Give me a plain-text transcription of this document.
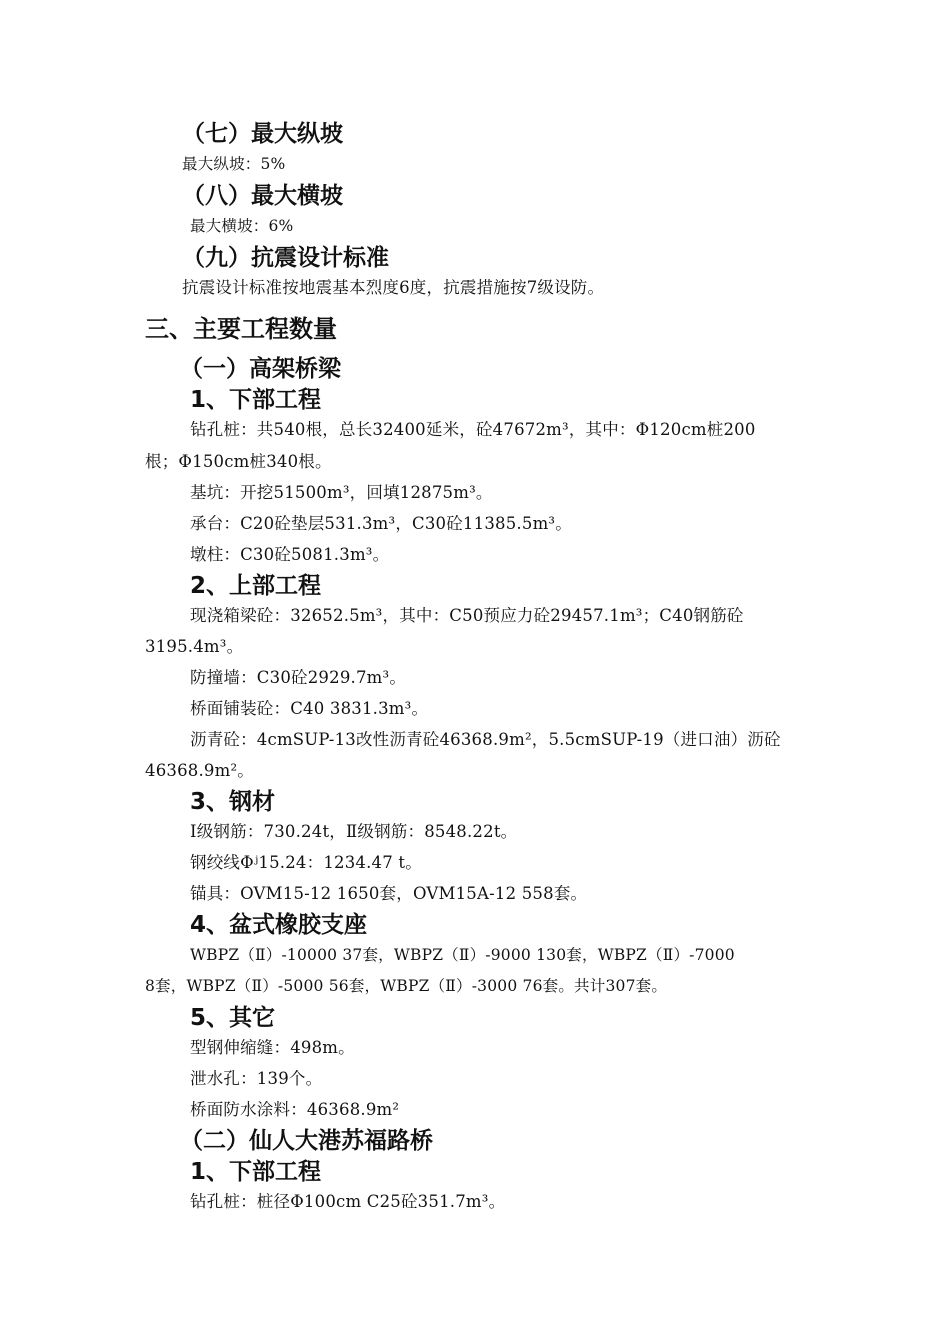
（七）最大纵坡
最大纵坡：5%
（八）最大横坡
最大横坡：6%
（九）抗震设计标准
抗震设计标准按地震基本烈度6度，抗震措施按7级设防。
三、主要工程数量
（一）高架桥梁
1、下部工程
钻孔桩：共540根，总长32400延米，砼47672m³，其中：Φ120cm桩200
根；Φ150cm桩340根。
基坑：开挖51500m³，回填12875m³。
承台：C20砼垫层531.3m³，C30砼11385.5m³。
墩柱：C30砼5081.3m³。
2、上部工程
现浇箱梁砼：32652.5m³，其中：C50预应力砼29457.1m³；C40钢筋砼
3195.4m³。
防撞墙：C30砼2929.7m³。
桥面铺装砼：C40 3831.3m³。
沥青砼：4cmSUP-13改性沥青砼46368.9m²，5.5cmSUP-19（进口油）沥砼
46368.9m²。
3、钢材
Ⅰ级钢筋：730.24t，Ⅱ级钢筋：8548.22t。
钢绞线Φʲ15.24：1234.47 t。
锚具：OVM15-12 1650套，OVM15A-12 558套。
4、盆式橡胶支座
WBPZ（Ⅱ）-10000 37套，WBPZ（Ⅱ）-9000 130套，WBPZ（Ⅱ）-7000
8套，WBPZ（Ⅱ）-5000 56套，WBPZ（Ⅱ）-3000 76套。共计307套。
5、其它
型钢伸缩缝：498m。
泄水孔：139个。
桥面防水涂料：46368.9m²
（二）仙人大港苏福路桥
1、下部工程
钻孔桩：桩径Φ100cm C25砼351.7m³。
